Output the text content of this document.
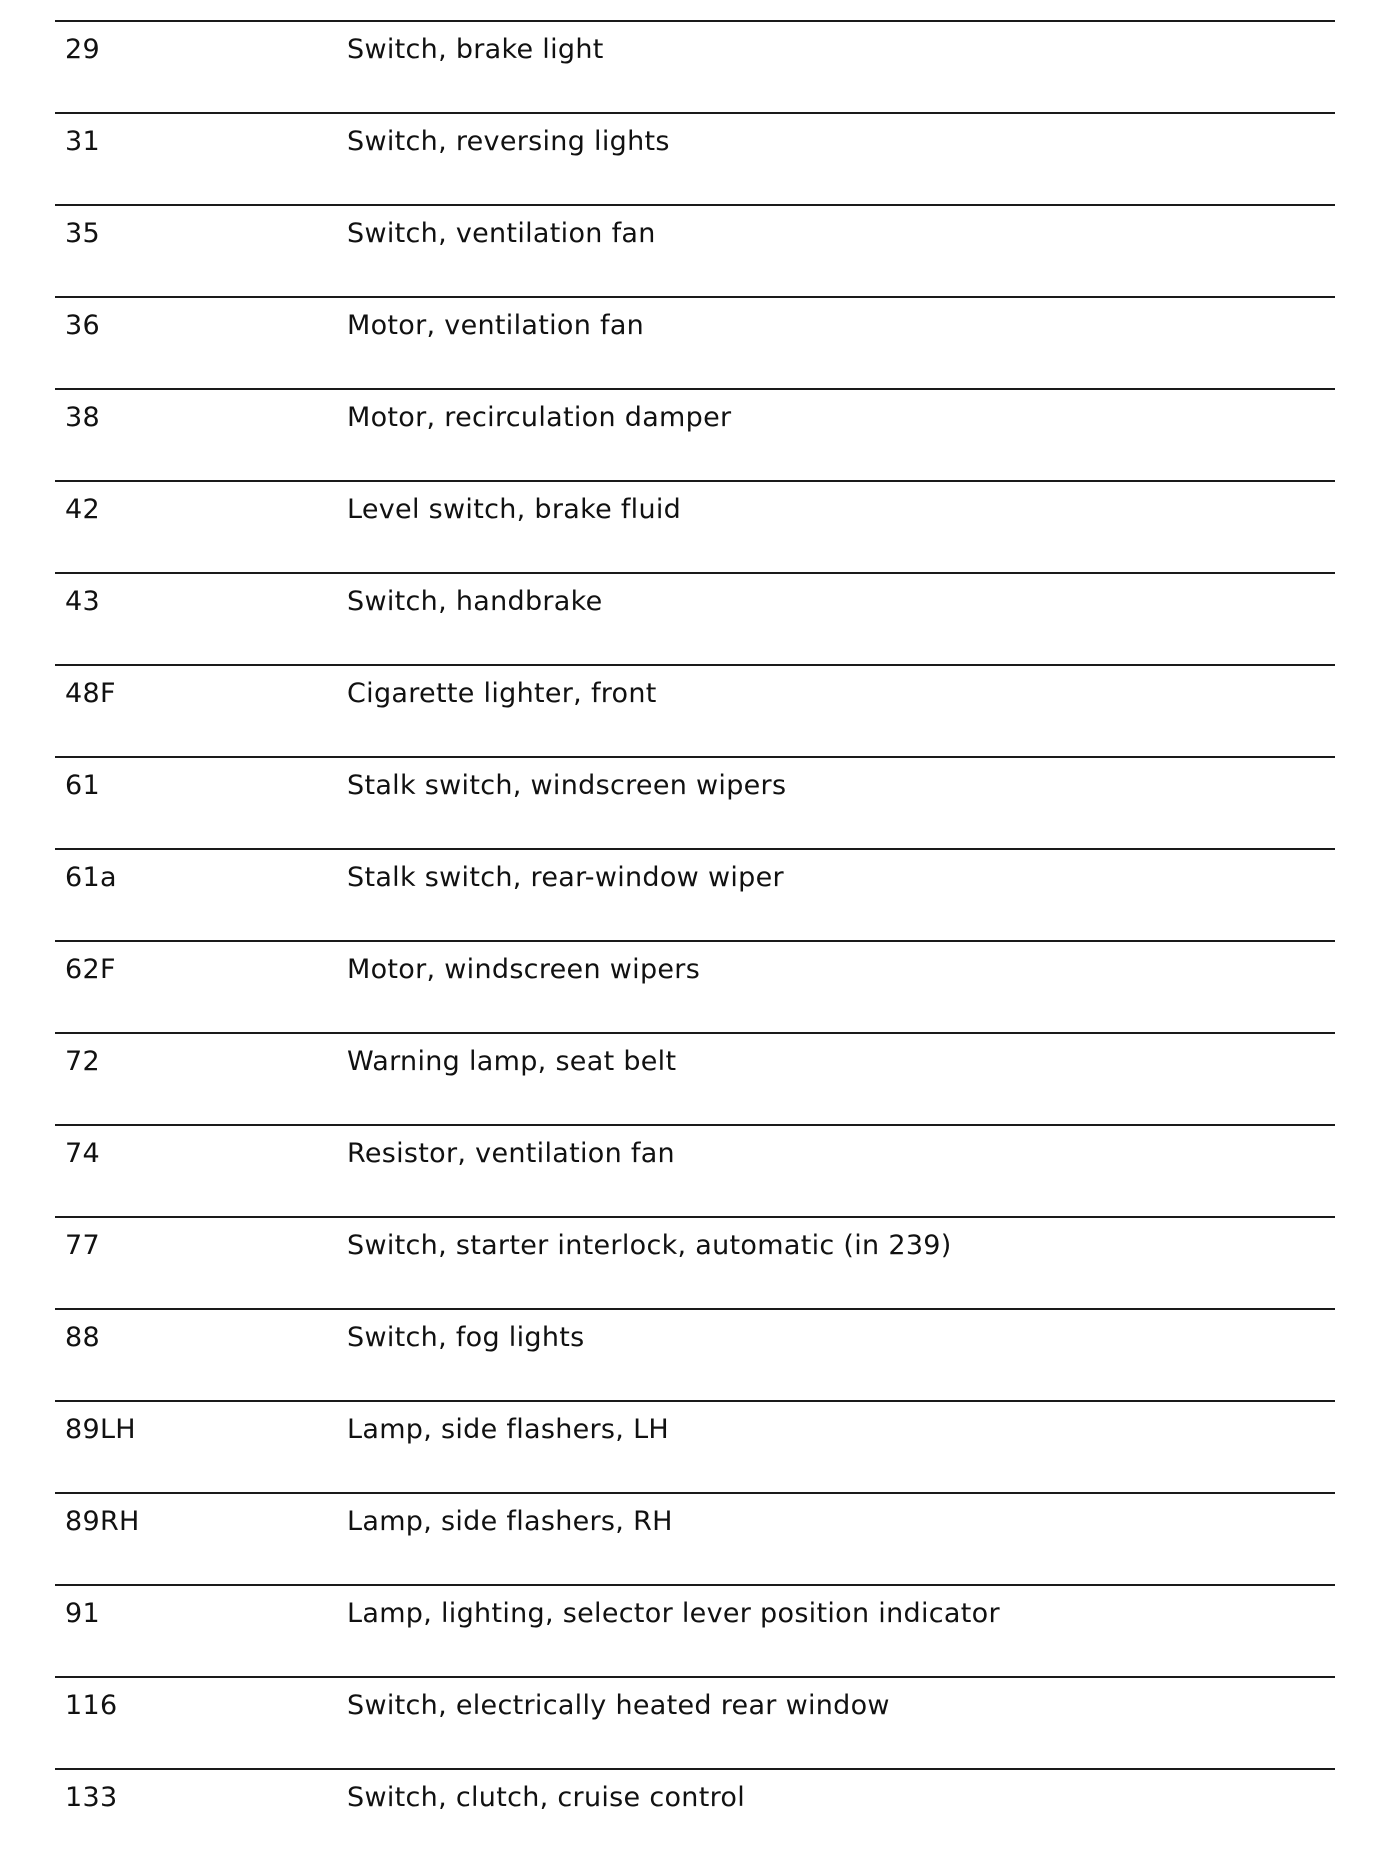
29	Switch, brake light
31	Switch, reversing lights
35	Switch, ventilation fan
36	Motor, ventilation fan
38	Motor, recirculation damper
42	Level switch, brake fluid
43	Switch, handbrake
48F	Cigarette lighter, front
61	Stalk switch, windscreen wipers
61a	Stalk switch, rear-window wiper
62F	Motor, windscreen wipers
72	Warning lamp, seat belt
74	Resistor, ventilation fan
77	Switch, starter interlock, automatic (in 239)
88	Switch, fog lights
89LH	Lamp, side flashers, LH
89RH	Lamp, side flashers, RH
91	Lamp, lighting, selector lever position indicator
116	Switch, electrically heated rear window
133	Switch, clutch, cruise control
